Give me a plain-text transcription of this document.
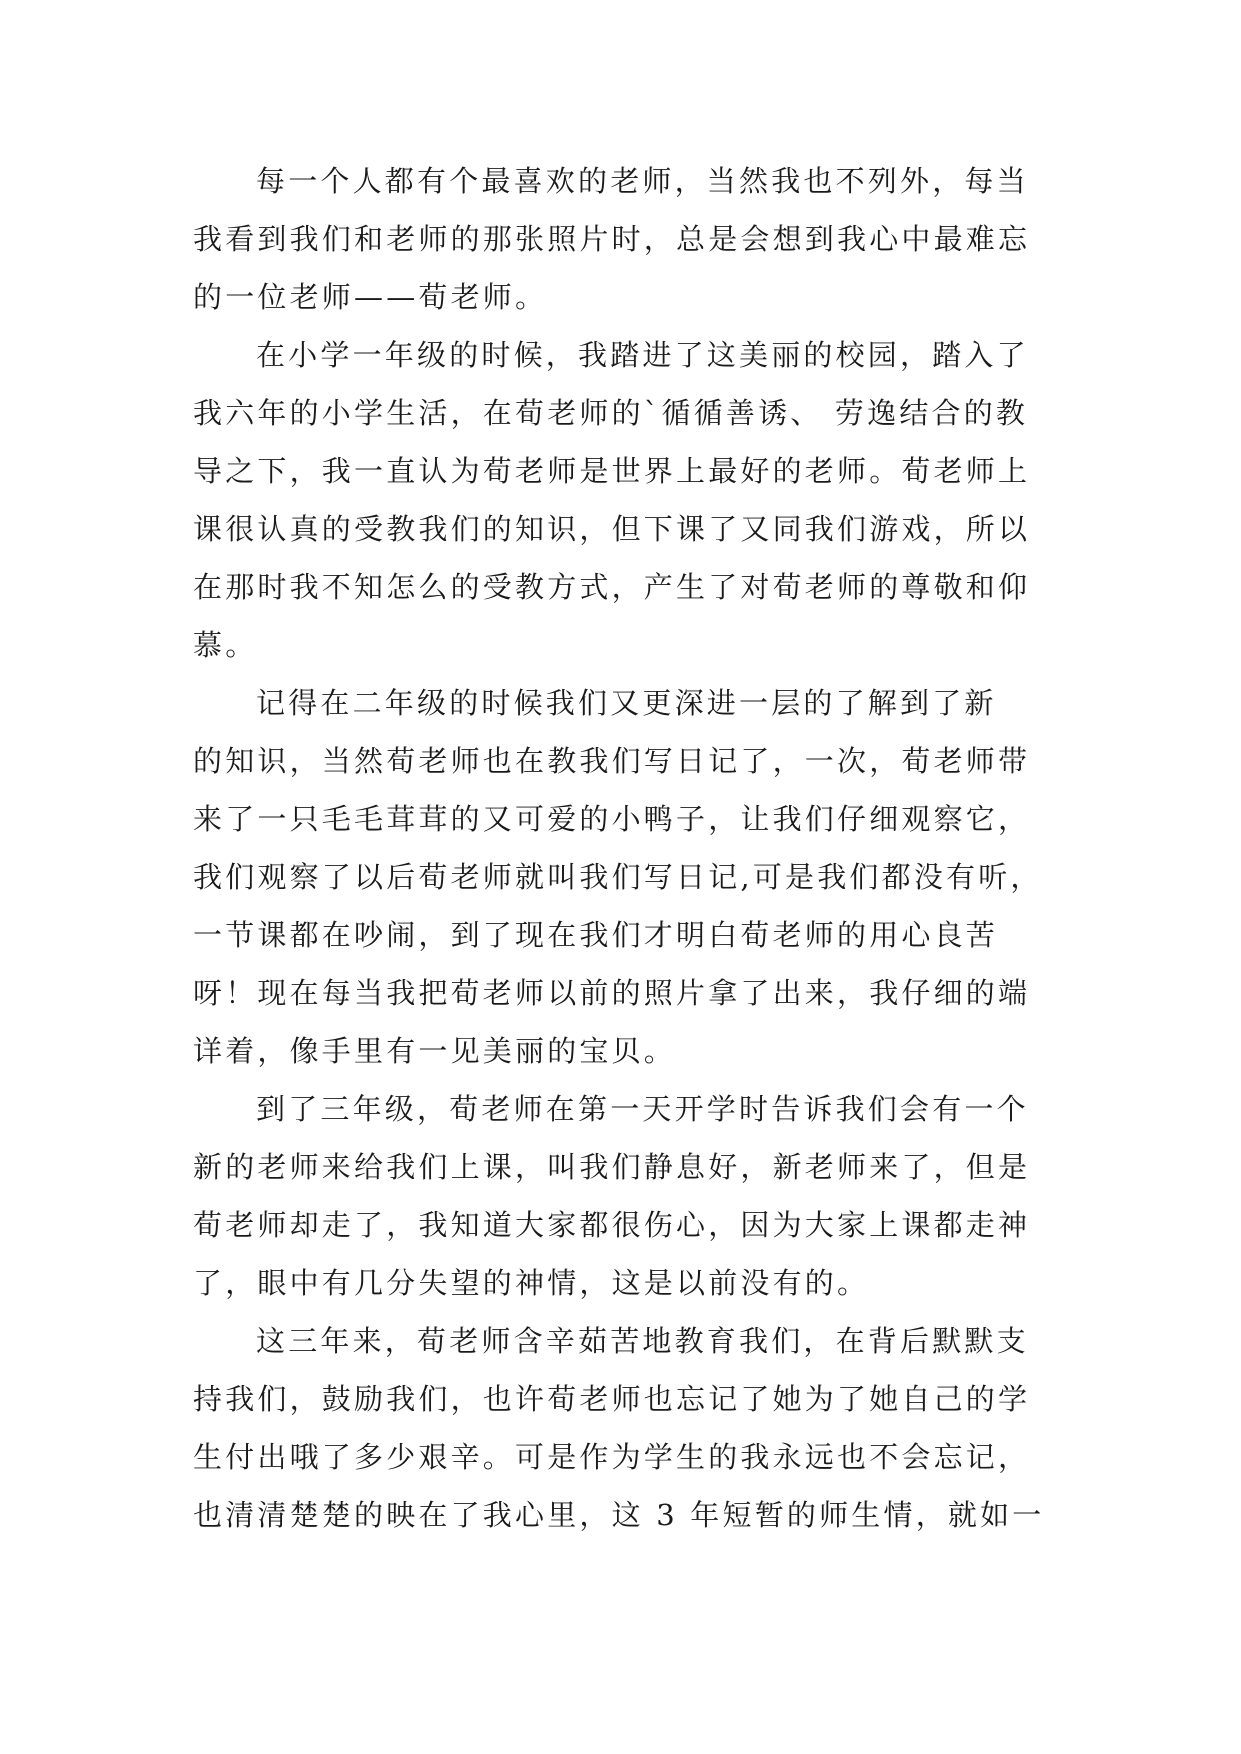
每一个人都有个最喜欢的老师，当然我也不列外，每当
我看到我们和老师的那张照片时，总是会想到我心中最难忘
的一位老师——荀老师。
在小学一年级的时候，我踏进了这美丽的校园，踏入了
我六年的小学生活，在荀老师的`循循善诱、 劳逸结合的教
导之下，我一直认为荀老师是世界上最好的老师。荀老师上
课很认真的受教我们的知识，但下课了又同我们游戏，所以
在那时我不知怎么的受教方式，产生了对荀老师的尊敬和仰
慕。
记得在二年级的时候我们又更深进一层的了解到了新
的知识，当然荀老师也在教我们写日记了，一次，荀老师带
来了一只毛毛茸茸的又可爱的小鸭子，让我们仔细观察它，
我们观察了以后荀老师就叫我们写日记,可是我们都没有听，
一节课都在吵闹，到了现在我们才明白荀老师的用心良苦
呀！现在每当我把荀老师以前的照片拿了出来，我仔细的端
详着，像手里有一见美丽的宝贝。
到了三年级，荀老师在第一天开学时告诉我们会有一个
新的老师来给我们上课，叫我们静息好，新老师来了，但是
荀老师却走了，我知道大家都很伤心，因为大家上课都走神
了，眼中有几分失望的神情，这是以前没有的。
这三年来，荀老师含辛茹苦地教育我们，在背后默默支
持我们，鼓励我们，也许荀老师也忘记了她为了她自己的学
生付出哦了多少艰辛。可是作为学生的我永远也不会忘记，
也清清楚楚的映在了我心里，这 3 年短暂的师生情，就如一
